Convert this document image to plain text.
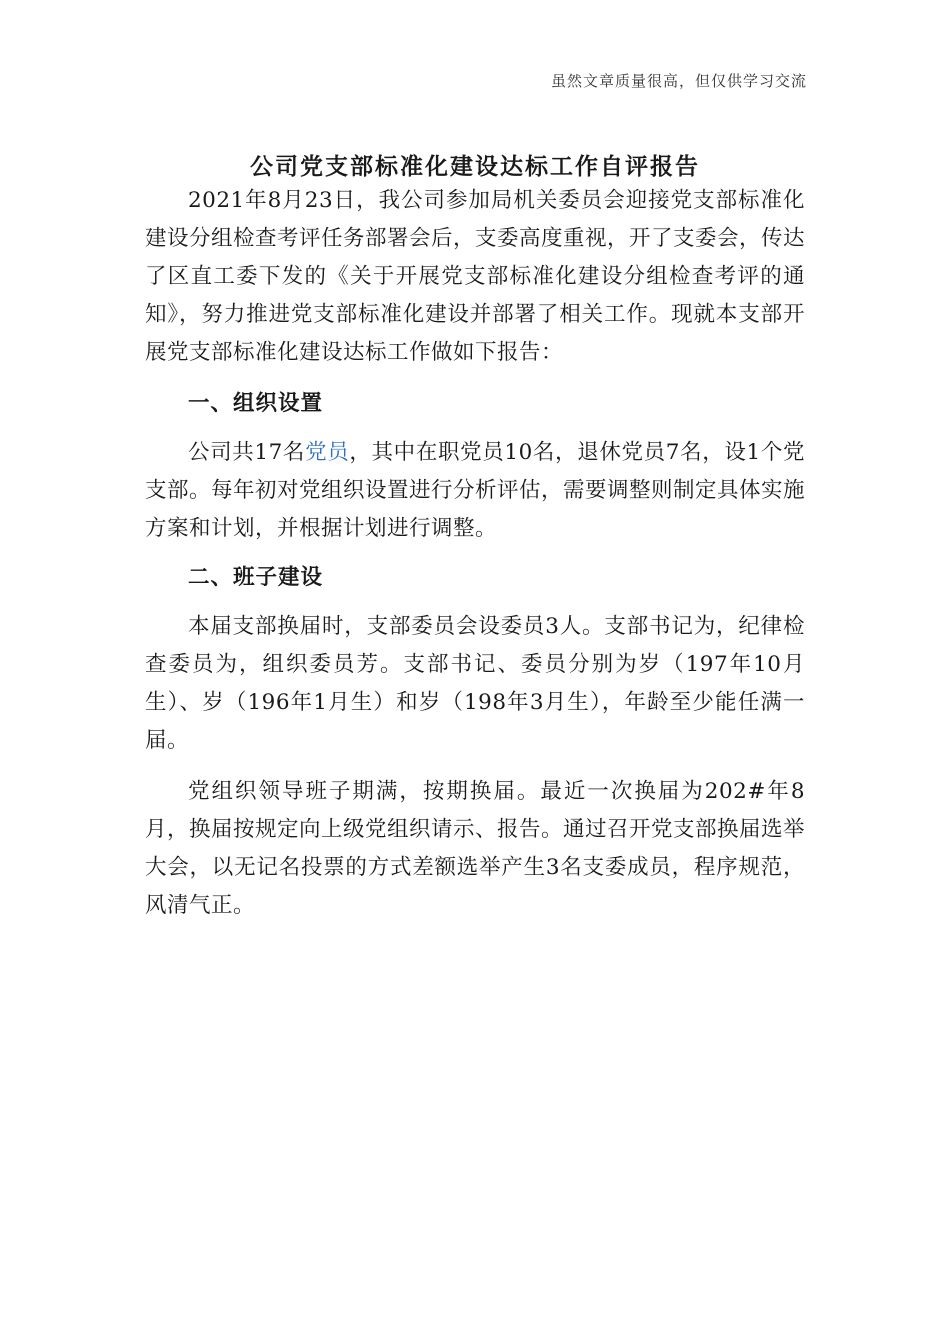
虽然文章质量很高，但仅供学习交流
公司党支部标准化建设达标工作自评报告

2021年8月23日，我公司参加局机关委员会迎接党支部标准化建设分组检查考评任务部署会后，支委高度重视，开了支委会，传达了区直工委下发的《关于开展党支部标准化建设分组检查考评的通知》，努力推进党支部标准化建设并部署了相关工作。现就本支部开展党支部标准化建设达标工作做如下报告：

一、组织设置

公司共17名党员，其中在职党员10名，退休党员7名，设1个党支部。每年初对党组织设置进行分析评估，需要调整则制定具体实施方案和计划，并根据计划进行调整。

二、班子建设

本届支部换届时，支部委员会设委员3人。支部书记为，纪律检查委员为，组织委员芳。支部书记、委员分别为岁（197年10月生）、岁（196年1月生）和岁（198年3月生），年龄至少能任满一届。

党组织领导班子期满，按期换届。最近一次换届为202#年8月，换届按规定向上级党组织请示、报告。通过召开党支部换届选举大会，以无记名投票的方式差额选举产生3名支委成员，程序规范，风清气正。
